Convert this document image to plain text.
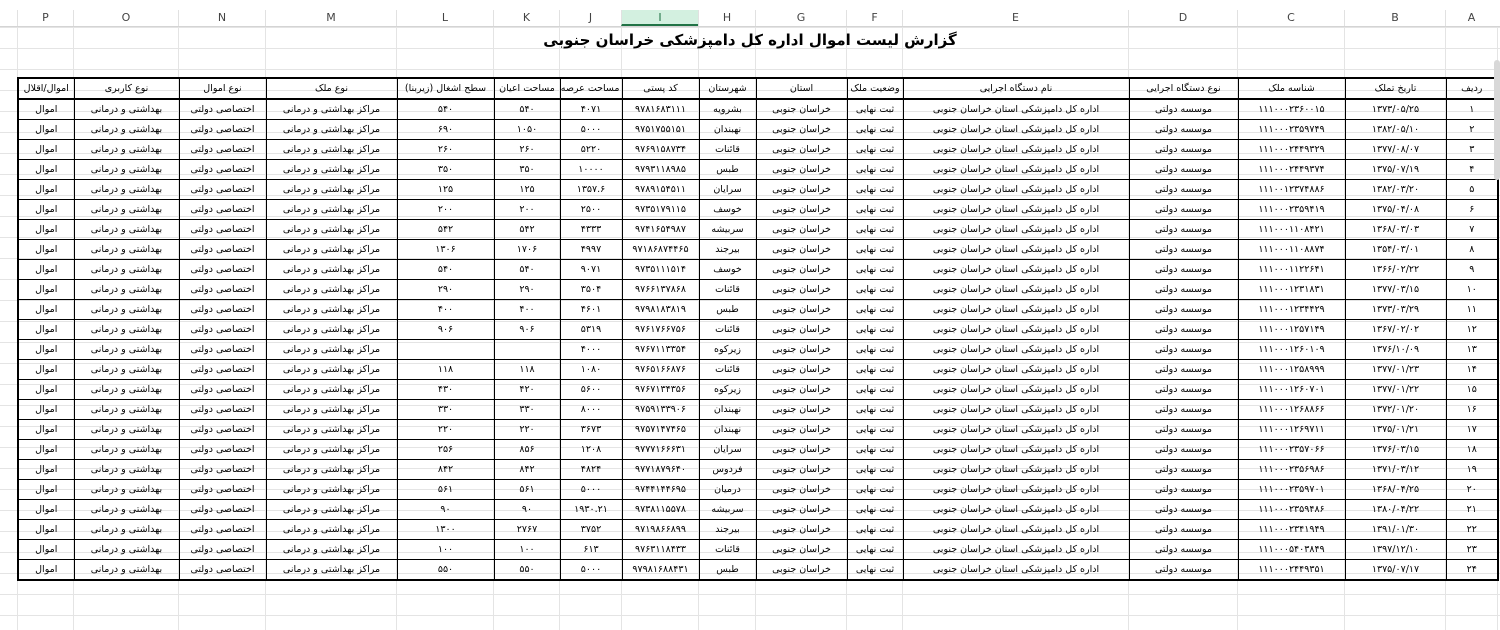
P	O	N	M	L	K	J	I	H	G	F	E	D	C	B	A
گزارش لیست اموال اداره کل دامپزشکی خراسان جنوبی
اموال/اقلال	نوع کاربری	نوع اموال	نوع ملک	سطح اشغال (زیربنا)	مساحت اعیان	مساحت عرصه	کد پستی	شهرستان	استان	وضعیت ملک	نام دستگاه اجرایی	نوع دستگاه اجرایی	شناسه ملک	تاریخ تملک	ردیف
اموال	بهداشتی و درمانی	اختصاصی دولتی	مراکز بهداشتی و درمانی	۵۴۰	۵۴۰	۴۰۷۱	۹۷۸۱۶۸۳۱۱۱	بشرویه	خراسان جنوبی	ثبت نهایی	اداره کل دامپزشکی استان خراسان جنوبی	موسسه دولتی	۱۱۱۰۰۰۲۳۶۰۰۱۵	۱۳۷۳/۰۵/۲۵	۱
اموال	بهداشتی و درمانی	اختصاصی دولتی	مراکز بهداشتی و درمانی	۶۹۰	۱۰۵۰	۵۰۰۰	۹۷۵۱۷۵۵۱۵۱	نهبندان	خراسان جنوبی	ثبت نهایی	اداره کل دامپزشکی استان خراسان جنوبی	موسسه دولتی	۱۱۱۰۰۰۲۳۵۹۷۴۹	۱۳۸۲/۰۵/۱۰	۲
اموال	بهداشتی و درمانی	اختصاصی دولتی	مراکز بهداشتی و درمانی	۲۶۰	۲۶۰	۵۲۲۰	۹۷۶۹۱۵۸۷۳۴	قائنات	خراسان جنوبی	ثبت نهایی	اداره کل دامپزشکی استان خراسان جنوبی	موسسه دولتی	۱۱۱۰۰۰۲۴۴۹۳۲۹	۱۳۷۷/۰۸/۰۷	۳
اموال	بهداشتی و درمانی	اختصاصی دولتی	مراکز بهداشتی و درمانی	۳۵۰	۳۵۰	۱۰۰۰۰	۹۷۹۳۱۱۸۹۸۵	طبس	خراسان جنوبی	ثبت نهایی	اداره کل دامپزشکی استان خراسان جنوبی	موسسه دولتی	۱۱۱۰۰۰۲۴۴۹۳۷۴	۱۳۷۵/۰۷/۱۹	۴
اموال	بهداشتی و درمانی	اختصاصی دولتی	مراکز بهداشتی و درمانی	۱۲۵	۱۲۵	۱۳۵۷.۶	۹۷۸۹۱۵۴۵۱۱	سرایان	خراسان جنوبی	ثبت نهایی	اداره کل دامپزشکی استان خراسان جنوبی	موسسه دولتی	۱۱۱۰۰۱۲۳۷۴۸۸۶	۱۳۸۲/۰۳/۲۰	۵
اموال	بهداشتی و درمانی	اختصاصی دولتی	مراکز بهداشتی و درمانی	۲۰۰	۲۰۰	۲۵۰۰	۹۷۳۵۱۷۹۱۱۵	خوسف	خراسان جنوبی	ثبت نهایی	اداره کل دامپزشکی استان خراسان جنوبی	موسسه دولتی	۱۱۱۰۰۰۲۳۵۹۴۱۹	۱۳۷۵/۰۴/۰۸	۶
اموال	بهداشتی و درمانی	اختصاصی دولتی	مراکز بهداشتی و درمانی	۵۴۲	۵۴۲	۴۳۳۳	۹۷۴۱۶۵۴۹۸۷	سربیشه	خراسان جنوبی	ثبت نهایی	اداره کل دامپزشکی استان خراسان جنوبی	موسسه دولتی	۱۱۱۰۰۰۱۱۰۸۴۲۱	۱۳۶۸/۰۳/۰۳	۷
اموال	بهداشتی و درمانی	اختصاصی دولتی	مراکز بهداشتی و درمانی	۱۳۰۶	۱۷۰۶	۴۹۹۷	۹۷۱۸۶۸۷۴۴۶۵	بیرجند	خراسان جنوبی	ثبت نهایی	اداره کل دامپزشکی استان خراسان جنوبی	موسسه دولتی	۱۱۱۰۰۰۱۱۰۸۸۷۴	۱۳۵۴/۰۳/۰۱	۸
اموال	بهداشتی و درمانی	اختصاصی دولتی	مراکز بهداشتی و درمانی	۵۴۰	۵۴۰	۹۰۷۱	۹۷۳۵۱۱۱۵۱۴	خوسف	خراسان جنوبی	ثبت نهایی	اداره کل دامپزشکی استان خراسان جنوبی	موسسه دولتی	۱۱۱۰۰۰۱۱۲۲۶۴۱	۱۳۶۶/۰۲/۲۲	۹
اموال	بهداشتی و درمانی	اختصاصی دولتی	مراکز بهداشتی و درمانی	۲۹۰	۲۹۰	۳۵۰۴	۹۷۶۶۱۳۷۸۶۸	قائنات	خراسان جنوبی	ثبت نهایی	اداره کل دامپزشکی استان خراسان جنوبی	موسسه دولتی	۱۱۱۰۰۰۱۲۳۱۸۳۱	۱۳۷۷/۰۳/۱۵	۱۰
اموال	بهداشتی و درمانی	اختصاصی دولتی	مراکز بهداشتی و درمانی	۴۰۰	۴۰۰	۴۶۰۱	۹۷۹۸۱۸۳۸۱۹	طبس	خراسان جنوبی	ثبت نهایی	اداره کل دامپزشکی استان خراسان جنوبی	موسسه دولتی	۱۱۱۰۰۰۱۲۳۴۴۲۹	۱۳۷۳/۰۳/۲۹	۱۱
اموال	بهداشتی و درمانی	اختصاصی دولتی	مراکز بهداشتی و درمانی	۹۰۶	۹۰۶	۵۳۱۹	۹۷۶۱۷۶۶۷۵۶	قائنات	خراسان جنوبی	ثبت نهایی	اداره کل دامپزشکی استان خراسان جنوبی	موسسه دولتی	۱۱۱۰۰۰۱۲۵۷۱۴۹	۱۳۶۷/۰۲/۰۲	۱۲
اموال	بهداشتی و درمانی	اختصاصی دولتی	مراکز بهداشتی و درمانی			۴۰۰۰	۹۷۶۷۱۱۳۳۵۴	زیرکوه	خراسان جنوبی	ثبت نهایی	اداره کل دامپزشکی استان خراسان جنوبی	موسسه دولتی	۱۱۱۰۰۰۱۲۶۰۱۰۹	۱۳۷۶/۱۰/۰۹	۱۳
اموال	بهداشتی و درمانی	اختصاصی دولتی	مراکز بهداشتی و درمانی	۱۱۸	۱۱۸	۱۰۸۰	۹۷۶۵۱۶۶۸۷۶	قائنات	خراسان جنوبی	ثبت نهایی	اداره کل دامپزشکی استان خراسان جنوبی	موسسه دولتی	۱۱۱۰۰۰۱۲۵۸۹۹۹	۱۳۷۷/۰۱/۲۳	۱۴
اموال	بهداشتی و درمانی	اختصاصی دولتی	مراکز بهداشتی و درمانی	۴۳۰	۴۲۰	۵۶۰۰	۹۷۶۷۱۳۴۳۵۶	زیرکوه	خراسان جنوبی	ثبت نهایی	اداره کل دامپزشکی استان خراسان جنوبی	موسسه دولتی	۱۱۱۰۰۰۱۲۶۰۷۰۱	۱۳۷۷/۰۱/۲۲	۱۵
اموال	بهداشتی و درمانی	اختصاصی دولتی	مراکز بهداشتی و درمانی	۳۳۰	۳۳۰	۸۰۰۰	۹۷۵۹۱۳۳۹۰۶	نهبندان	خراسان جنوبی	ثبت نهایی	اداره کل دامپزشکی استان خراسان جنوبی	موسسه دولتی	۱۱۱۰۰۰۱۲۶۸۸۶۶	۱۳۷۲/۰۱/۲۰	۱۶
اموال	بهداشتی و درمانی	اختصاصی دولتی	مراکز بهداشتی و درمانی	۲۲۰	۲۲۰	۳۶۷۳	۹۷۵۷۱۴۷۴۶۵	نهبندان	خراسان جنوبی	ثبت نهایی	اداره کل دامپزشکی استان خراسان جنوبی	موسسه دولتی	۱۱۱۰۰۰۱۲۶۹۷۱۱	۱۳۷۵/۰۱/۲۱	۱۷
اموال	بهداشتی و درمانی	اختصاصی دولتی	مراکز بهداشتی و درمانی	۲۵۶	۸۵۶	۱۲۰۸	۹۷۷۷۱۶۶۶۳۱	سرایان	خراسان جنوبی	ثبت نهایی	اداره کل دامپزشکی استان خراسان جنوبی	موسسه دولتی	۱۱۱۰۰۰۲۳۵۷۰۶۶	۱۳۷۶/۰۳/۱۵	۱۸
اموال	بهداشتی و درمانی	اختصاصی دولتی	مراکز بهداشتی و درمانی	۸۴۲	۸۴۲	۴۸۲۴	۹۷۷۱۸۷۹۶۴۰	فردوس	خراسان جنوبی	ثبت نهایی	اداره کل دامپزشکی استان خراسان جنوبی	موسسه دولتی	۱۱۱۰۰۰۲۳۵۶۹۸۶	۱۳۷۱/۰۳/۱۲	۱۹
اموال	بهداشتی و درمانی	اختصاصی دولتی	مراکز بهداشتی و درمانی	۵۶۱	۵۶۱	۵۰۰۰	۹۷۴۴۱۴۴۶۹۵	درمیان	خراسان جنوبی	ثبت نهایی	اداره کل دامپزشکی استان خراسان جنوبی	موسسه دولتی	۱۱۱۰۰۰۲۳۵۹۷۰۱	۱۳۶۸/۰۴/۲۵	۲۰
اموال	بهداشتی و درمانی	اختصاصی دولتی	مراکز بهداشتی و درمانی	۹۰	۹۰	۱۹۳۰.۲۱	۹۷۳۸۱۱۵۵۷۸	سربیشه	خراسان جنوبی	ثبت نهایی	اداره کل دامپزشکی استان خراسان جنوبی	موسسه دولتی	۱۱۱۰۰۰۲۳۵۹۴۸۶	۱۳۸۰/۰۴/۲۲	۲۱
اموال	بهداشتی و درمانی	اختصاصی دولتی	مراکز بهداشتی و درمانی	۱۳۰۰	۲۷۶۷	۳۷۵۲	۹۷۱۹۸۶۶۸۹۹	بیرجند	خراسان جنوبی	ثبت نهایی	اداره کل دامپزشکی استان خراسان جنوبی	موسسه دولتی	۱۱۱۰۰۰۲۳۴۱۹۴۹	۱۳۹۱/۰۱/۳۰	۲۲
اموال	بهداشتی و درمانی	اختصاصی دولتی	مراکز بهداشتی و درمانی	۱۰۰	۱۰۰	۶۱۳	۹۷۶۳۱۱۸۴۳۳	قائنات	خراسان جنوبی	ثبت نهایی	اداره کل دامپزشکی استان خراسان جنوبی	موسسه دولتی	۱۱۱۰۰۰۵۴۰۳۸۴۹	۱۳۹۷/۱۲/۱۰	۲۳
اموال	بهداشتی و درمانی	اختصاصی دولتی	مراکز بهداشتی و درمانی	۵۵۰	۵۵۰	۵۰۰۰	۹۷۹۸۱۶۸۸۴۳۱	طبس	خراسان جنوبی	ثبت نهایی	اداره کل دامپزشکی استان خراسان جنوبی	موسسه دولتی	۱۱۱۰۰۰۲۴۴۹۳۵۱	۱۳۷۵/۰۷/۱۷	۲۴
